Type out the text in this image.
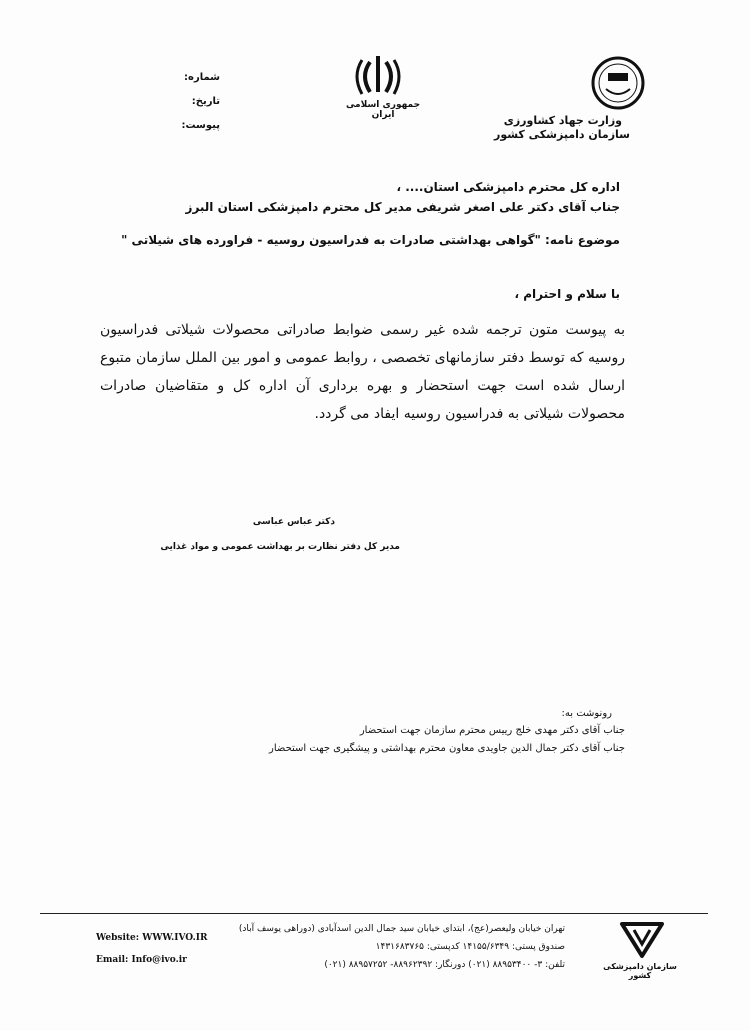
وزارت جهاد کشاورزی
سازمان دامپزشکی کشور
جمهوری اسلامی ایران
شماره:
تاریخ:
پیوست:
اداره کل محترم دامپزشکی استان.... ،
جناب آقای دکتر علی اصغر شریفی مدیر کل محترم دامپزشکی استان البرز
موضوع نامه: "گواهی بهداشتی صادرات به فدراسیون روسیه - فراورده های شیلاتی "
با سلام و احترام ،
به پیوست متون ترجمه شده غیر رسمی ضوابط صادراتی محصولات شیلاتی فدراسیون روسیه که توسط دفتر سازمانهای تخصصی ، روابط عمومی و امور بین الملل سازمان متبوع ارسال شده است جهت استحضار و بهره برداری آن اداره کل و متقاضیان صادرات محصولات شیلاتی به فدراسیون روسیه ایفاد می گردد.
دکتر عباس عباسی
مدیر کل دفتر نظارت بر بهداشت عمومی و مواد غذایی
رونوشت به:
جناب آقای دکتر مهدی خلج رییس محترم سازمان جهت استحضار
جناب آقای دکتر جمال الدین جاویدی معاون محترم بهداشتی و پیشگیری جهت استحضار
سازمان دامپزشکی کشور
تهران خیابان ولیعصر(عج)، ابتدای خیابان سید جمال الدین اسدآبادی (دوراهی یوسف آباد)
صندوق پستی: ۱۴۱۵۵/۶۳۴۹ کدپستی: ۱۴۳۱۶۸۳۷۶۵
تلفن: ۳- ۸۸۹۵۳۴۰۰ (۰۲۱) دورنگار: ۸۸۹۶۲۳۹۲- ۸۸۹۵۷۲۵۲ (۰۲۱)
Website: WWW.IVO.IR
Email: Info@ivo.ir
